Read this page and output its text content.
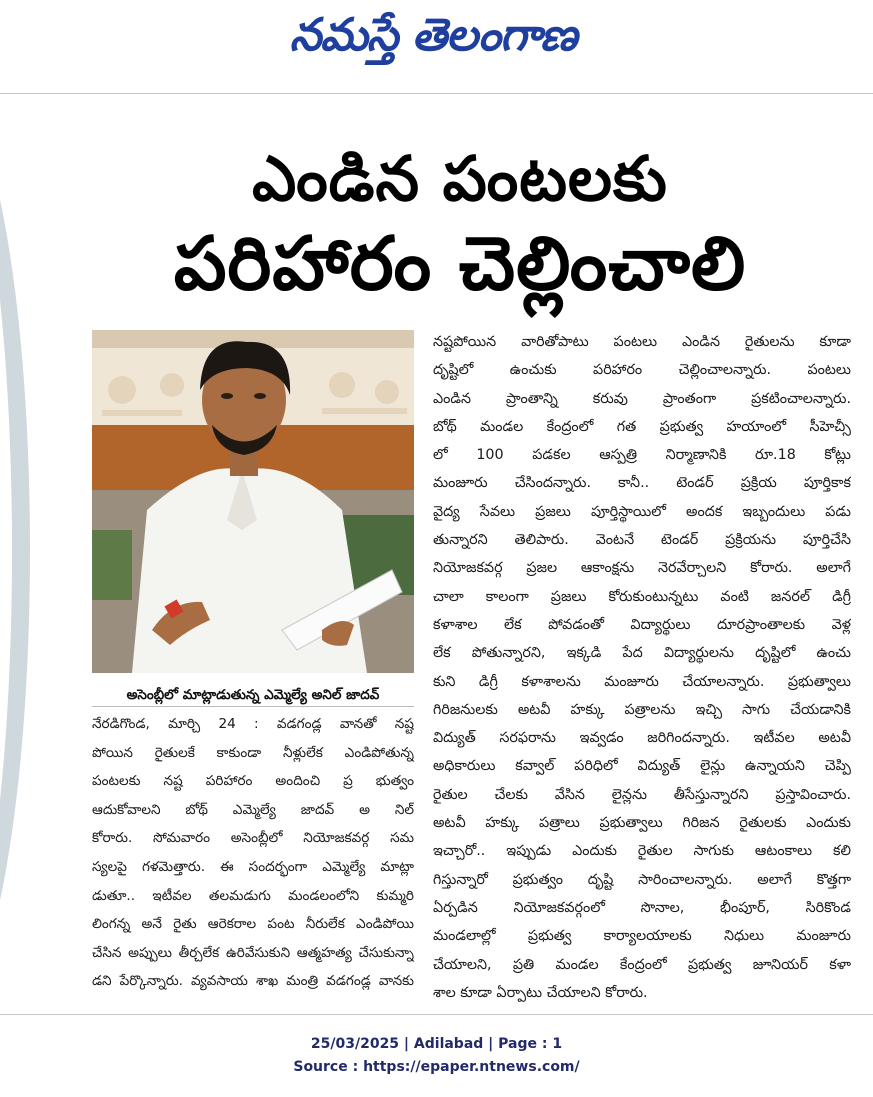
నమస్తే తెలంగాణ
ఎండిన పంటలకు
పరిహారం చెల్లించాలి
అసెంబ్లీలో మాట్లాడుతున్న ఎమ్మెల్యే అనిల్ జాదవ్
నేరడిగొండ, మార్చి 24 : వడగండ్ల వానతో నష్ట
పోయిన రైతులకే కాకుండా నీళ్లులేక ఎండిపోతున్న
పంటలకు నష్ట పరిహారం అందించి ప్ర భుత్వం
ఆదుకోవాలని బోథ్ ఎమ్మెల్యే జాదవ్ అ నిల్
కోరారు. సోమవారం అసెంబ్లీలో నియోజకవర్గ సమ
స్యలపై గళమెత్తారు. ఈ సందర్భంగా ఎమ్మెల్యే మాట్లా
డుతూ.. ఇటీవల తలమడుగు మండలంలోని కుమ్మరి
లింగన్న అనే రైతు ఆరెకరాల పంట నీరులేక ఎండిపోయి
చేసిన అప్పులు తీర్చలేక ఉరివేసుకుని ఆత్మహత్య చేసుకున్నా
డని పేర్కొన్నారు. వ్యవసాయ శాఖ మంత్రి వడగండ్ల వానకు
నష్టపోయిన వారితోపాటు పంటలు ఎండిన రైతులను కూడా
దృష్టిలో ఉంచుకు పరిహారం చెల్లించాలన్నారు. పంటలు
ఎండిన ప్రాంతాన్ని కరువు ప్రాంతంగా ప్రకటించాలన్నారు.
బోథ్ మండల కేంద్రంలో గత ప్రభుత్వ హయాంలో సీహెచ్సీ
లో 100 పడకల ఆస్పత్రి నిర్మాణానికి రూ.18 కోట్లు
మంజూరు చేసిందన్నారు. కానీ.. టెండర్ ప్రక్రియ పూర్తికాక
వైద్య సేవలు ప్రజలు పూర్తిస్థాయిలో అందక ఇబ్బందులు పడు
తున్నారని తెలిపారు. వెంటనే టెండర్ ప్రక్రియను పూర్తిచేసి
నియోజకవర్గ ప్రజల ఆకాంక్షను నెరవేర్చాలని కోరారు. అలాగే
చాలా కాలంగా ప్రజలు కోరుకుంటున్నటు వంటి జనరల్ డిగ్రీ
కళాశాల లేక పోవడంతో విద్యార్థులు దూరప్రాంతాలకు వెళ్ల
లేక పోతున్నారని, ఇక్కడి పేద విద్యార్థులను దృష్టిలో ఉంచు
కుని డిగ్రీ కళాశాలను మంజూరు చేయాలన్నారు. ప్రభుత్వాలు
గిరిజనులకు అటవీ హక్కు పత్రాలను ఇచ్చి సాగు చేయడానికి
విద్యుత్ సరఫరాను ఇవ్వడం జరిగిందన్నారు. ఇటీవల అటవీ
అధికారులు కవ్వాల్ పరిధిలో విద్యుత్ లైన్లు ఉన్నాయని చెప్పి
రైతుల చేలకు వేసిన లైన్లను తీసేస్తున్నారని ప్రస్తావించారు.
అటవీ హక్కు పత్రాలు ప్రభుత్వాలు గిరిజన రైతులకు ఎందుకు
ఇచ్చారో.. ఇప్పుడు ఎందుకు రైతుల సాగుకు ఆటంకాలు కలి
గిస్తున్నారో ప్రభుత్వం దృష్టి సారించాలన్నారు. అలాగే కొత్తగా
ఏర్పడిన నియోజకవర్గంలో సొనాల, భీంపూర్, సిరికొండ
మండలాల్లో ప్రభుత్వ కార్యాలయాలకు నిధులు మంజూరు
చేయాలని, ప్రతి మండల కేంద్రంలో ప్రభుత్వ జూనియర్ కళా
శాల కూడా ఏర్పాటు చేయాలని కోరారు.
25/03/2025 | Adilabad | Page : 1
Source : https://epaper.ntnews.com/
